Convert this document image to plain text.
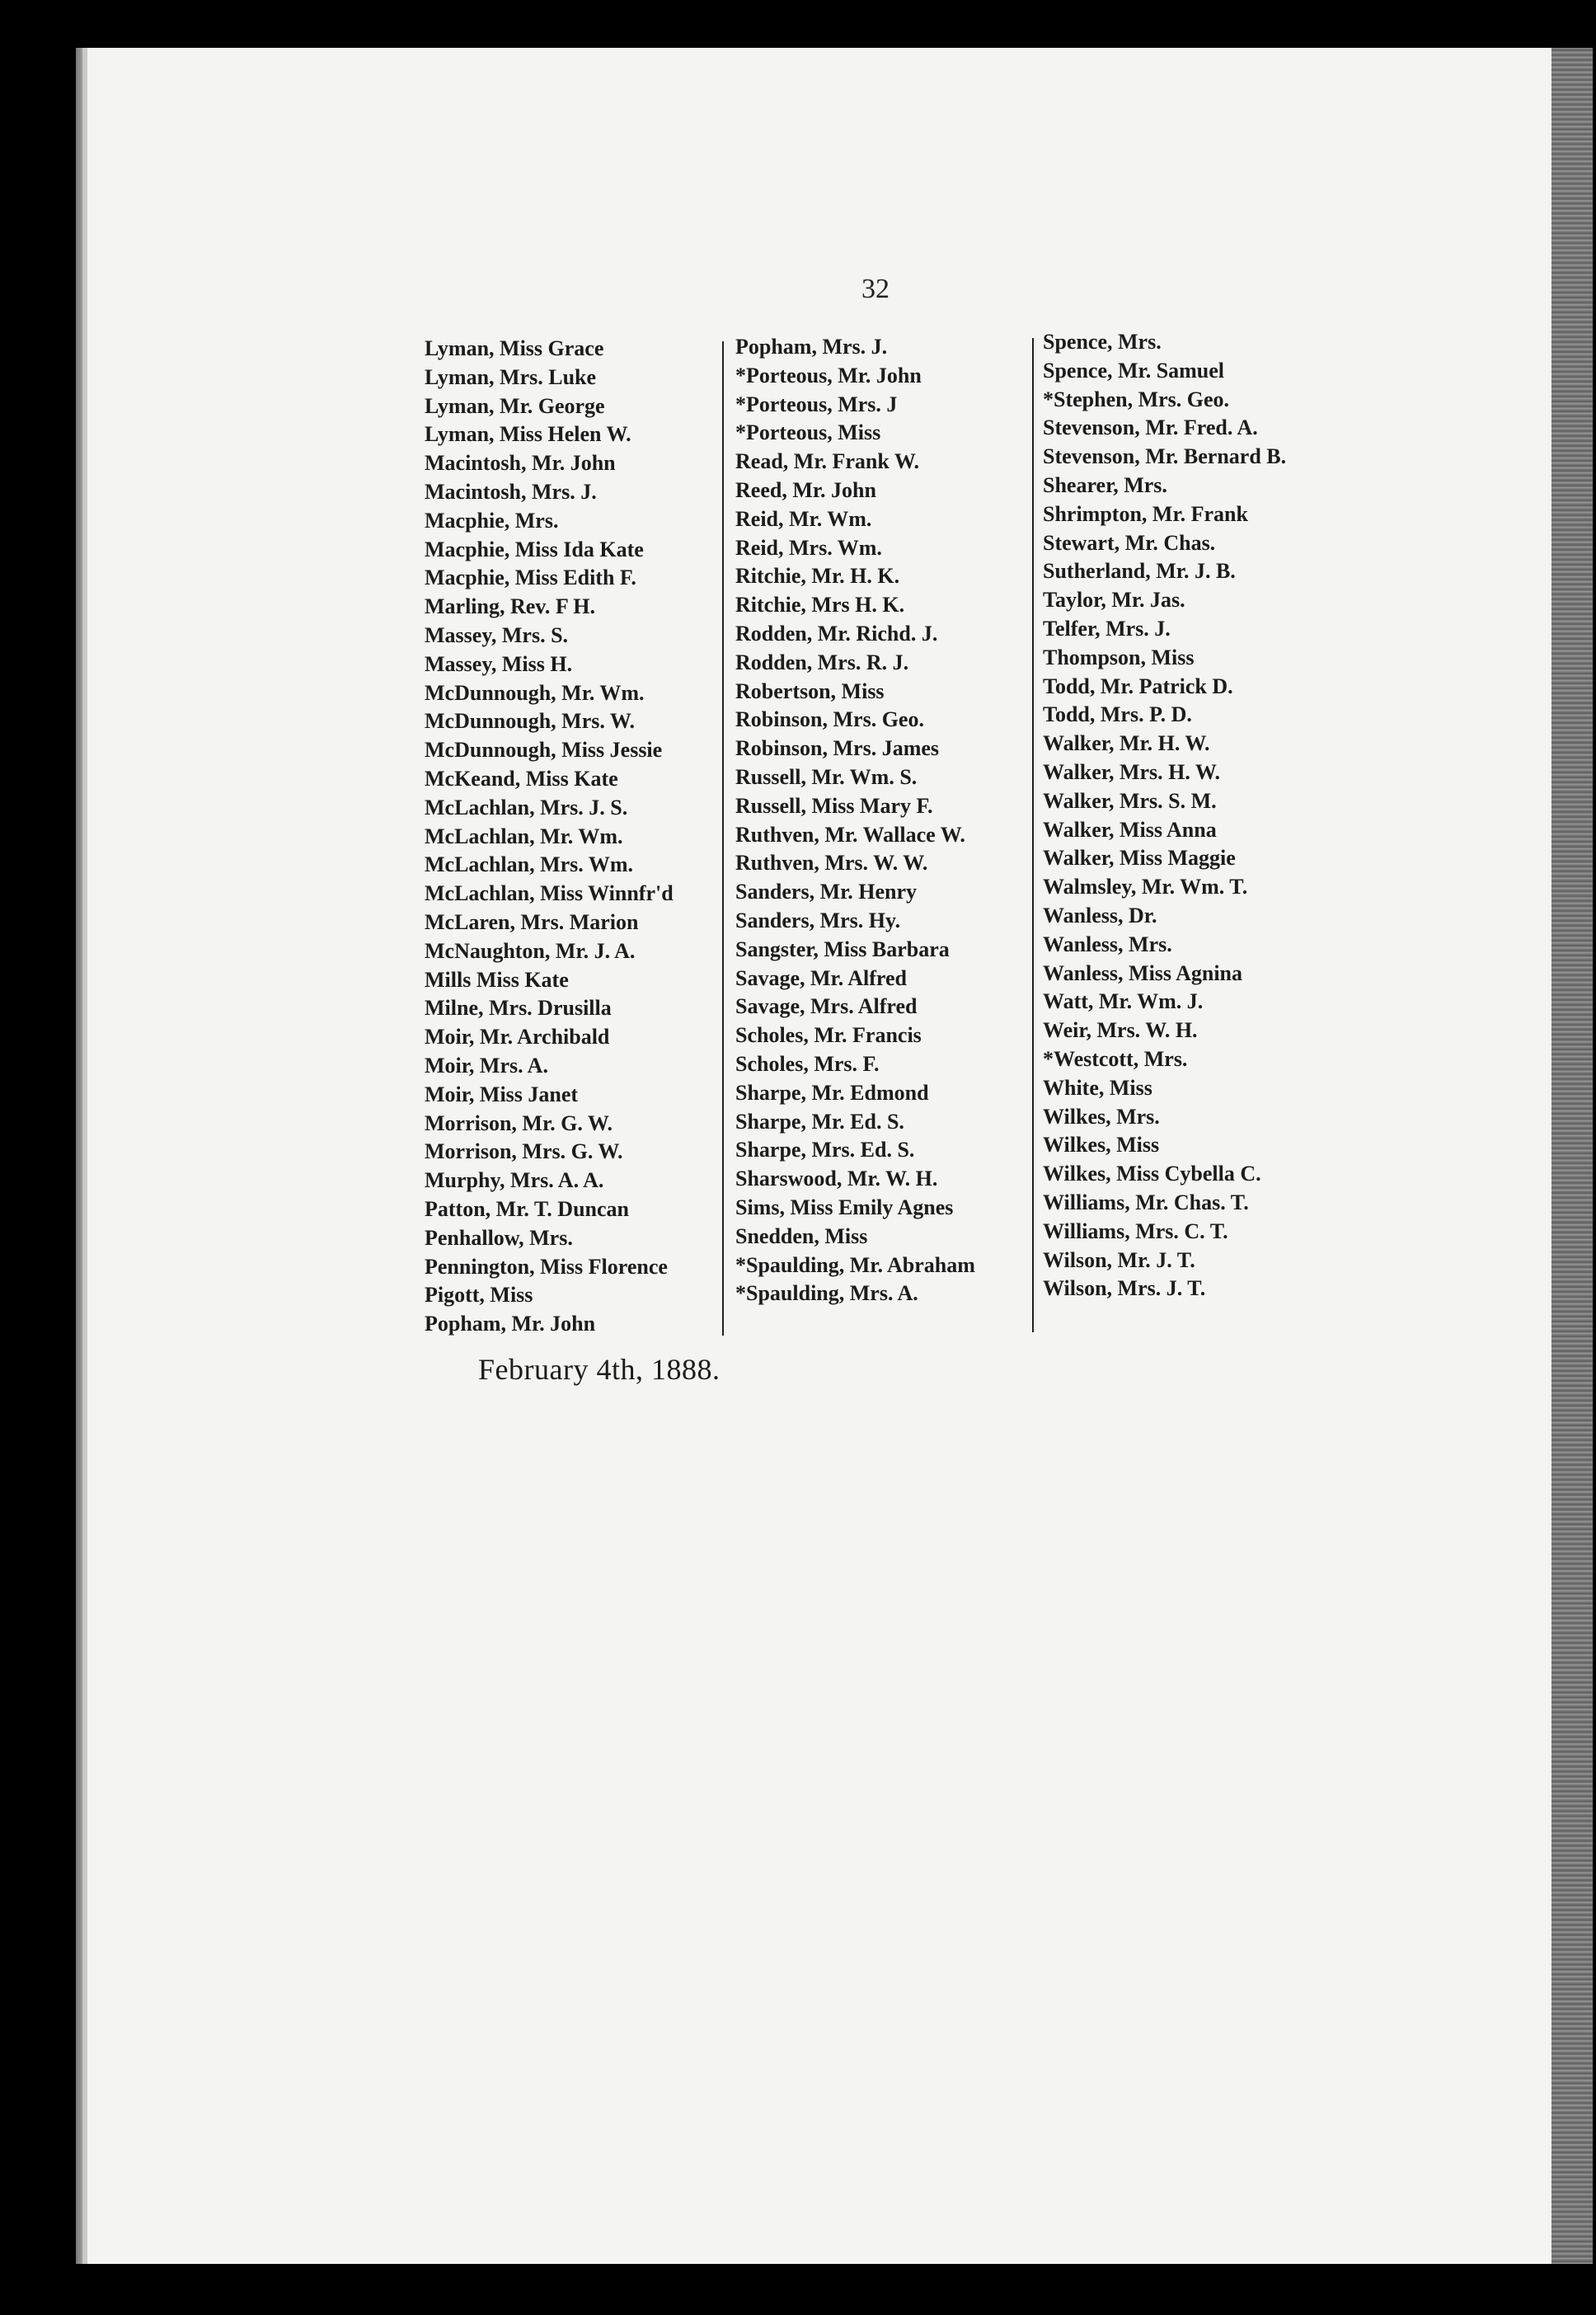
32
Lyman, Miss Grace
Lyman, Mrs. Luke
Lyman, Mr. George
Lyman, Miss Helen W.
Macintosh, Mr. John
Macintosh, Mrs. J.
Macphie, Mrs.
Macphie, Miss Ida Kate
Macphie, Miss Edith F.
Marling, Rev. F H.
Massey, Mrs. S.
Massey, Miss H.
McDunnough, Mr. Wm.
McDunnough, Mrs. W.
McDunnough, Miss Jessie
McKeand, Miss Kate
McLachlan, Mrs. J. S.
McLachlan, Mr. Wm.
McLachlan, Mrs. Wm.
McLachlan, Miss Winnfr'd
McLaren, Mrs. Marion
McNaughton, Mr. J. A.
Mills Miss Kate
Milne, Mrs. Drusilla
Moir, Mr. Archibald
Moir, Mrs. A.
Moir, Miss Janet
Morrison, Mr. G. W.
Morrison, Mrs. G. W.
Murphy, Mrs. A. A.
Patton, Mr. T. Duncan
Penhallow, Mrs.
Pennington, Miss Florence
Pigott, Miss
Popham, Mr. John
Popham, Mrs. J.
*Porteous, Mr. John
*Porteous, Mrs. J
*Porteous, Miss
Read, Mr. Frank W.
Reed, Mr. John
Reid, Mr. Wm.
Reid, Mrs. Wm.
Ritchie, Mr. H. K.
Ritchie, Mrs H. K.
Rodden, Mr. Richd. J.
Rodden, Mrs. R. J.
Robertson, Miss
Robinson, Mrs. Geo.
Robinson, Mrs. James
Russell, Mr. Wm. S.
Russell, Miss Mary F.
Ruthven, Mr. Wallace W.
Ruthven, Mrs. W. W.
Sanders, Mr. Henry
Sanders, Mrs. Hy.
Sangster, Miss Barbara
Savage, Mr. Alfred
Savage, Mrs. Alfred
Scholes, Mr. Francis
Scholes, Mrs. F.
Sharpe, Mr. Edmond
Sharpe, Mr. Ed. S.
Sharpe, Mrs. Ed. S.
Sharswood, Mr. W. H.
Sims, Miss Emily Agnes
Snedden, Miss
*Spaulding, Mr. Abraham
*Spaulding, Mrs. A.
Spence, Mrs.
Spence, Mr. Samuel
*Stephen, Mrs. Geo.
Stevenson, Mr. Fred. A.
Stevenson, Mr. Bernard B.
Shearer, Mrs.
Shrimpton, Mr. Frank
Stewart, Mr. Chas.
Sutherland, Mr. J. B.
Taylor, Mr. Jas.
Telfer, Mrs. J.
Thompson, Miss
Todd, Mr. Patrick D.
Todd, Mrs. P. D.
Walker, Mr. H. W.
Walker, Mrs. H. W.
Walker, Mrs. S. M.
Walker, Miss Anna
Walker, Miss Maggie
Walmsley, Mr. Wm. T.
Wanless, Dr.
Wanless, Mrs.
Wanless, Miss Agnina
Watt, Mr. Wm. J.
Weir, Mrs. W. H.
*Westcott, Mrs.
White, Miss
Wilkes, Mrs.
Wilkes, Miss
Wilkes, Miss Cybella C.
Williams, Mr. Chas. T.
Williams, Mrs. C. T.
Wilson, Mr. J. T.
Wilson, Mrs. J. T.
February 4th, 1888.
